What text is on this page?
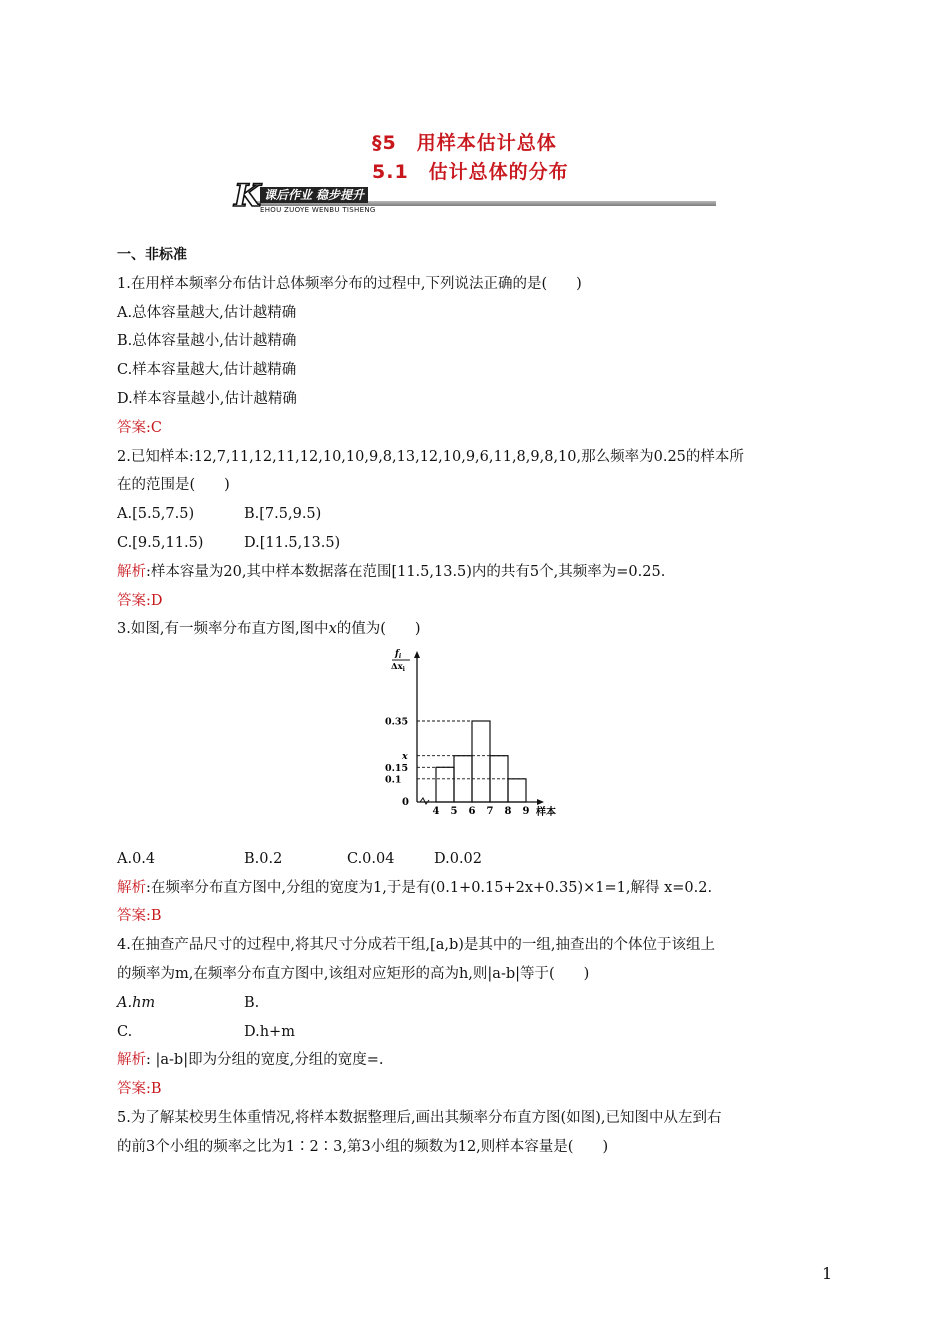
§5　用样本估计总体
5.1　估计总体的分布
课后作业 稳步提升
K EHOU ZUOYE WENBU TISHENG
一、非标准
1.在用样本频率分布估计总体频率分布的过程中,下列说法正确的是(　　)
A.总体容量越大,估计越精确
B.总体容量越小,估计越精确
C.样本容量越大,估计越精确
D.样本容量越小,估计越精确
答案:C
2.已知样本:12,7,11,12,11,12,10,10,9,8,13,12,10,9,6,11,8,9,8,10,那么频率为0.25的样本所
在的范围是(　　)
A.[5.5,7.5)	B.[7.5,9.5)
C.[9.5,11.5)	D.[11.5,13.5)
解析:样本容量为20,其中样本数据落在范围[11.5,13.5)内的共有5个,其频率为=0.25.
答案:D
3.如图,有一频率分布直方图,图中x的值为(　　)
$f_i$
$\Delta x_i$
0
样本
0.35
x
0.15
0.1
4 5 6 7 8 9
A.0.4	B.0.2	C.0.04	D.0.02
解析:在频率分布直方图中,分组的宽度为1,于是有(0.1+0.15+2x+0.35)×1=1,解得 x=0.2.
答案:B
4.在抽查产品尺寸的过程中,将其尺寸分成若干组,[a,b)是其中的一组,抽查出的个体位于该组上
的频率为m,在频率分布直方图中,该组对应矩形的高为h,则|a-b|等于(　　)
A.hm	B.
C.	D.h+m
解析: |a-b|即为分组的宽度,分组的宽度=.
答案:B
5.为了解某校男生体重情况,将样本数据整理后,画出其频率分布直方图(如图),已知图中从左到右
的前3个小组的频率之比为1∶2∶3,第3小组的频数为12,则样本容量是(　　)
1
